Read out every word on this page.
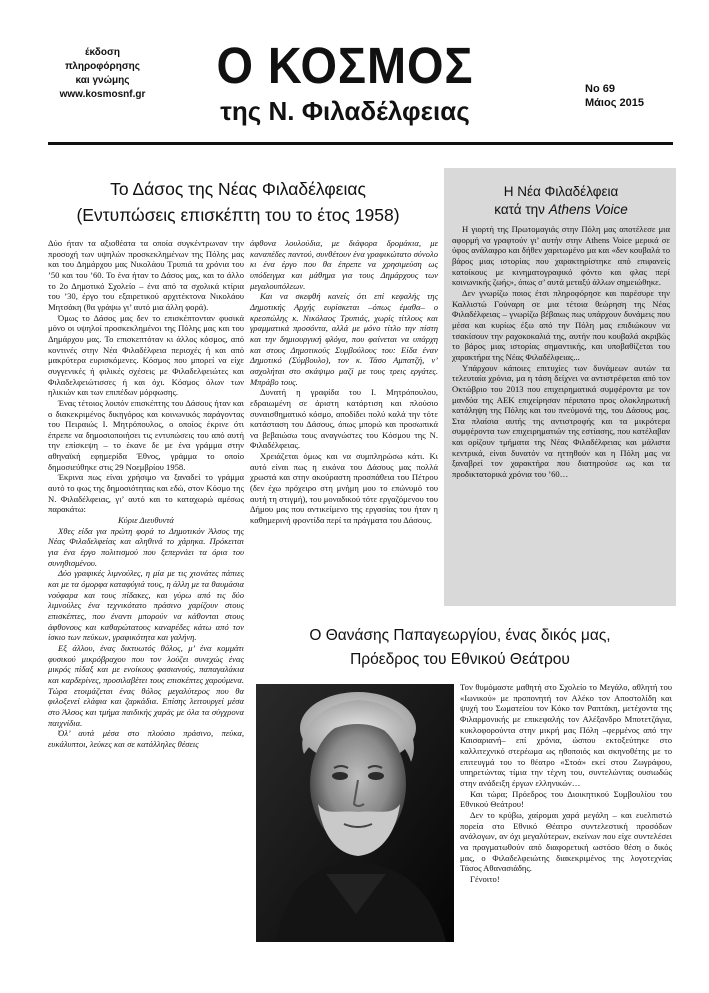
έκδοση
πληροφόρησης
και γνώμης
www.kosmosnf.gr
Ο ΚΟΣΜΟΣ
της Ν. Φιλαδέλφειας
Νο 69
Μάιος 2015
Το Δάσος της Νέας Φιλαδέλφειας
(Εντυπώσεις επισκέπτη του το έτος 1958)
Η Νέα Φιλαδέλφεια
κατά την Athens Voice

Δύο ήταν τα αξιοθέατα τα οποία συγκέντρωναν την προσοχή των υψηλών προσκεκλημένων της Πόλης μας και του Δημάρχου μας Νικολάου Τρυπιά τα χρόνια του ’50 και του ’60. Το ένα ήταν το Δάσος μας, και το άλλο το 2ο Δημοτικό Σχολείο – ένα από τα σχολικά κτίρια του ’30, έργο του εξαιρετικού αρχιτέκτονα Νικολάου Μητσάκη (θα γράψω γι’ αυτό μια άλλη φορά).

Όμως το Δάσος μας δεν το επισκέπτονταν φυσικά μόνο οι υψηλοί προσκεκλημένοι της Πόλης μας και του Δημάρχου μας. Το επισκεπτόταν κι άλλος κόσμος, από κοντινές στην Νέα Φιλαδέλφεια περιοχές ή και από μακρύτερα ευρισκόμενες. Κόσμος που μπορεί να είχε συγγενικές ή φιλικές σχέσεις με Φιλαδελφειώτες και Φιλαδελφειώτισσες ή και όχι. Κόσμος όλων των ηλικιών και των επιπέδων μόρφωσης.

Ένας τέτοιος λοιπόν επισκέπτης του Δάσους ήταν και ο διακεκριμένος δικηγόρος και κοινωνικός παράγοντας του Πειραιώς Ι. Μητρόπουλος, ο οποίος έκρινε ότι έπρεπε να δημοσιοποιήσει τις εντυπώσεις του από αυτή την επίσκεψη – το έκανε δε με ένα γράμμα στην αθηναϊκή εφημερίδα Έθνος, γράμμα το οποίο δημοσιεύθηκε στις 29 Νοεμβρίου 1958.

Έκρινα πως είναι χρήσιμο να ξαναδεί το γράμμα αυτό το φως της δημοσιότητας και εδώ, στον Κόσμο της Ν. Φιλαδέλφειας, γι’ αυτό και το καταχωρώ αμέσως παρακάτω:

Κύριε Διευθυντά

Χθες είδα για πρώτη φορά το Δημοτικόν Άλσος της Νέας Φιλαδελφείας και αληθινά το χάρηκα. Πρόκειται για ένα έργο πολιτισμού που ξεπερνάει τα όρια του συνηθισμένου.

Δύο γραφικές λιμνούλες, η μία με τις χιονάτες πάπιες και με τα όμορφα καταφύγιά τους, η άλλη με τα θαυμάσια νούφαρα και τους πίδακες, και γύρω από τις δύο λιμνούλες ένα τεχνικότατο πράσινο χαρίζουν στους επισκέπτες, που έναντι μπορούν να κάθονται στους άφθονους και καθαρώτατους κανapέδες κάτω από τον ίσκιο των πεύκων, γραφικότητα και γαλήνη.

Εξ άλλου, ένας δικτυωτός θόλος, μ’ ένα κομμάτι φυσικού μικρόβραχου που τον λούζει συνεχώς ένας μικρός πίδαξ και με ενοίκους φασιανούς, παπαγαλάκια και καρδερίνες, προσιλαβέτει τους επισκέπτες χαρούμενα. Τώρα ετοιμάζεται ένας θόλος μεγαλύτερος που θα φιλοξενεί ελάφια και ζαρκάδια. Επίσης λειτουργεί μέσα στο Άλσος και τμήμα παιδικής χαράς με όλα τα σύγχρονα παιχνίδια.

Όλ’ αυτά μέσα στο πλούσιο πράσινο, πεύκα, ευκάλυπτοι, λεύκες και σε κατάλληλες θέσεις

άφθονα λουλούδια, με διάφορα δρομάκια, με καναπέδες παντού, συνθέτουν ένα γραφικώτατο σύνολο κι ένα έργο που θα έπρεπε να χρησιμεύση ως υπόδειγμα και μάθημα για τους Δημάρχους των μεγαλουπόλεων.

Και να σκεφθή κανείς ότι επί κεφαλής της Δημοτικής Αρχής ευρίσκεται –όπως έμαθα– ο κρεοπώλης κ. Νικόλαος Τρυπιάς, χωρίς τίτλους και γραμματικά προσόντα, αλλά με μόνο τίτλο την πίστη και την δημιουργική φλόγα, που φαίνεται να υπάρχη και στους Δημοτικούς Συμβούλους του: Είδα έναν Δημοτικό (Σύμβουλο), τον κ. Τάσο Αμπατζή, ν’ ασχολήται στο σκάψιμο μαζί με τους τρεις εργάτες. Μπράβο τους.

Δυνατή η γραφίδα του Ι. Μητρόπουλου, εδραιωμένη σε άριστη κατάρτιση και πλούσιο συναισθηματικό κόσμο, αποδίδει πολύ καλά την τότε κατάσταση του Δάσους, όπως μπορώ και προσωπικά να βεβαιώσω τους αναγνώστες του Κόσμου της Ν. Φιλαδέλφειας.

Χρειάζεται όμως και να συμπληρώσω κάτι. Κι αυτό είναι πως η εικόνα του Δάσους μας πολλά χρωστά και στην ακούραστη προσπάθεια του Πέτρου (δεν έχω πρόχειρο στη μνήμη μου το επώνυμό του αυτή τη στιγμή), του μοναδικού τότε εργαζόμενου του Δήμου μας που αντικείμενο της εργασίας του ήταν η καθημερινή φροντίδα περί τα πράγματα του Δάσους.

Η γιορτή της Πρωτομαγιάς στην Πόλη μας αποτέλεσε μια αφορμή να γραφτούν γι’ αυτήν στην Athens Voice μερικά σε ύφος ανάλαφρο και δήθεν χαριτωμένο μα και «δεν κουβαλά το βάρος μιας ιστορίας που χαρακτηρίστηκε από επιφανείς κατοίκους με κινηματογραφικό φόντο και φλας περί κοινωνικής ζωής», όπως σ’ αυτά μεταξύ άλλων σημειώθηκε.

Δεν γνωρίζω ποιος έτσι πληροφόρησε και παρέσυρε την Καλλιστώ Γούναρη σε μια τέτοια θεώρηση της Νέας Φιλαδέλφειας – γνωρίζω βέβαιως πως υπάρχουν δυνάμεις που μέσα και κυρίως έξω από την Πόλη μας επιδιώκουν να τσακίσουν την ραχοκοκαλιά της, αυτήν που κουβαλά ακριβώς το βάρος μιας ιστορίας σημαντικής, και υποβαθίζεται του χαρακτήρα της Νέας Φιλαδέλφειας...

Υπάρχουν κάποιες επιτυχίες των δυνάμεων αυτών τα τελευταία χρόνια, μα η τάση δείχνει να αντιστρέφεται από τον Οκτώβριο του 2013 που επιχειρηματικά συμφέροντα με τον μανδύα της ΑΕΚ επιχείρησαν πέριπατο προς ολοκληρωτική κατάληψη της Πόλης και του πνεύμονά της, του Δάσους μας. Στα πλαίσια αυτής της αντιστροφής και τα μικρότερα συμφέροντα των επιχειρηματιών της εστίασης, που κατέλαβαν και ορίζουν τμήματα της Νέας Φιλαδέλφειας και μάλιστα κεντρικά, είναι δυνατόν να ηττηθούν και η Πόλη μας να ξαναβρεί τον χαρακτήρα που διατηρούσε ως και τα προδικτατορικά χρόνια του ’60…

Ο Θανάσης Παπαγεωργίου, ένας δικός μας,
Πρόεδρος του Εθνικού Θεάτρου

Τον θυμόμαστε μαθητή στο Σχολείο το Μεγάλο, αθλητή του «Ιωνικού» με προπονητή τον Αλέκο τον Αποστολίδη και ψυχή του Σωματείου τον Κόκο τον Ραπτάκη, μετέχοντα της Φιλαρμονικής με επικεφαλής τον Αλέξανδρο Μποτετζάγια, κυκλοφορούντα στην μικρή μας Πόλη –φερμένος από την Καισαριανή– επί χρόνια, ώσπου εκτοξεύτηκε στο καλλιτεχνικό στερέωμα ως ηθοποιός και σκηνοθέτης με το επιτευγμά του το θέατρο «Στοά» εκεί στου Ζωγράφου, υπηρετώντας τίμια την τέχνη του, συντελώντας ουσιωδώς στην ανάδειξη έργων ελληνικών…

Και τώρα; Πρόεδρος του Διοικητικού Συμβουλίου του Εθνικού Θεάτρου!

Δεν το κρύβω, χαίρομαι χαρά μεγάλη – και ευελπιστώ πορεία στο Εθνικό Θέατρο συντελεστική προσόδων ανάλογων, αν όχι μεγαλύτερων, εκείνων που είχε συντελέσει να πραγματωθούν από διαφορετική ωστόσο θέση ο δικός μας, ο Φιλαδελφειώτης διακεκριμένος της λογοτεχνίας Τάσος Αθανασιάδης.

Γένοιτο!
